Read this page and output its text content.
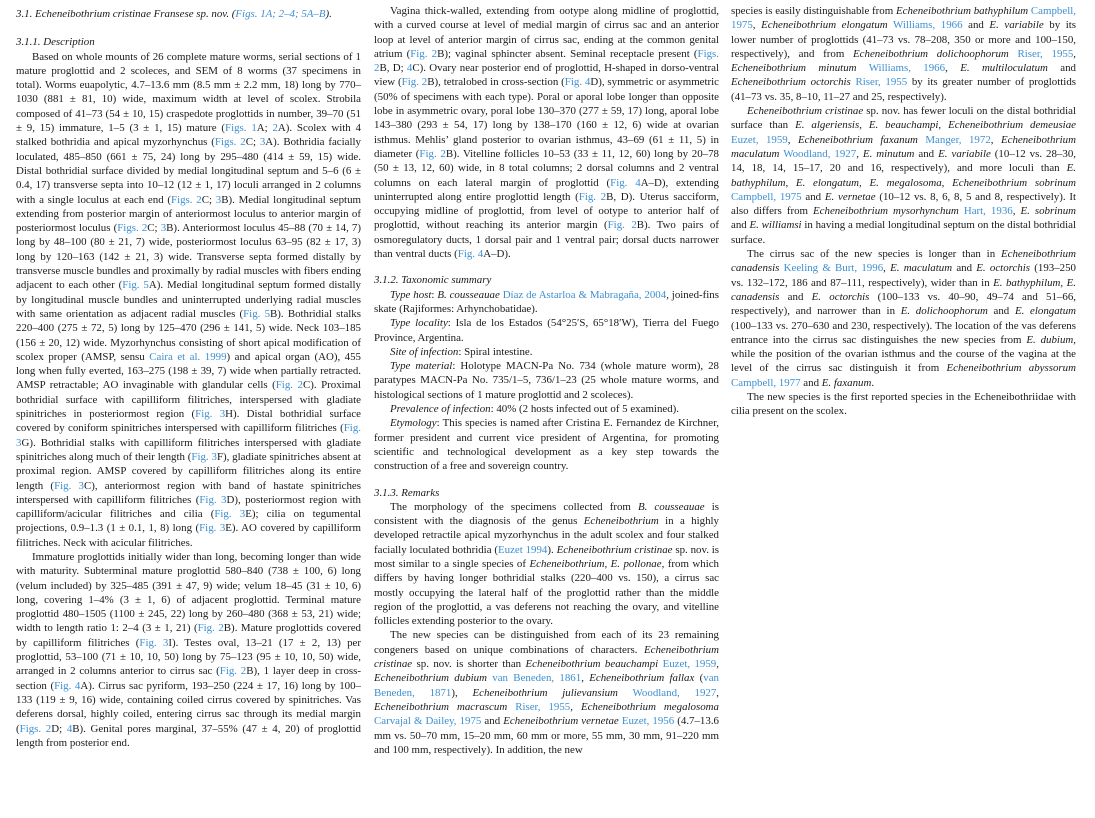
3.1. Echeneibothrium cristinae Fransese sp. nov. (Figs. 1A; 2–4; 5A–B).
3.1.1. Description
Based on whole mounts of 26 complete mature worms, serial sections of 1 mature proglottid and 2 scoleces, and SEM of 8 worms (37 specimens in total). Worms euapolytic, 4.7–13.6 mm (8.5 mm ± 2.2 mm, 18) long by 770–1030 (881 ± 81, 10) wide, maximum width at level of scolex. Strobila composed of 41–73 (54 ± 10, 15) craspedote proglottids in number, 39–70 (51 ± 9, 15) immature, 1–5 (3 ± 1, 15) mature (Figs. 1A; 2A). Scolex with 4 stalked bothridia and apical myzorhynchus (Figs. 2C; 3A). Bothridia facially loculated, 485–850 (661 ± 75, 24) long by 295–480 (414 ± 59, 15) wide. Distal bothridial surface divided by medial longitudinal septum and 5–6 (6 ± 0.4, 17) transverse septa into 10–12 (12 ± 1, 17) loculi arranged in 2 columns with a single loculus at each end (Figs. 2C; 3B). Medial longitudinal septum extending from posterior margin of anteriormost loculus to anterior margin of posteriormost loculus (Figs. 2C; 3B). Anteriormost loculus 45–88 (70 ± 14, 7) long by 48–100 (80 ± 21, 7) wide, posteriormost loculus 63–95 (82 ± 17, 3) long by 120–163 (142 ± 21, 3) wide. Transverse septa formed distally by transverse muscle bundles and proximally by radial muscles with fibers ending adjacent to each other (Fig. 5A). Medial longitudinal septum formed distally by longitudinal muscle bundles and uninterrupted underlying radial muscles with same orientation as adjacent radial muscles (Fig. 5B). Bothridial stalks 220–400 (275 ± 72, 5) long by 125–470 (296 ± 141, 5) wide. Neck 103–185 (156 ± 20, 12) wide. Myzorhynchus consisting of short apical modification of scolex proper (AMSP, sensu Caira et al. 1999) and apical organ (AO), 455 long when fully everted, 163–275 (198 ± 39, 7) wide when partially retracted. AMSP retractable; AO invaginable with glandular cells (Fig. 2C). Proximal bothridial surface with capilliform filitriches, interspersed with gladiate spinitriches in posteriormost region (Fig. 3H). Distal bothridial surface covered by coniform spinitriches interspersed with capilliform filitriches (Fig. 3G). Bothridial stalks with capilliform filitriches interspersed with gladiate spinitriches along much of their length (Fig. 3F), gladiate spinitriches absent at proximal region. AMSP covered by capilliform filitriches along its entire length (Fig. 3C), anteriormost region with band of hastate spinitriches interspersed with capilliform filitriches (Fig. 3D), posteriormost region with capilliform/acicular filitriches and cilia (Fig. 3E); cilia on tegumental projections, 0.9–1.3 (1 ± 0.1, 1, 8) long (Fig. 3E). AO covered by capilliform filitriches. Neck with acicular filitriches.
Immature proglottids initially wider than long, becoming longer than wide with maturity. Subterminal mature proglottid 580–840 (738 ± 100, 6) long (velum included) by 325–485 (391 ± 47, 9) wide; velum 18–45 (31 ± 10, 6) long, covering 1–4% (3 ± 1, 6) of adjacent proglottid. Terminal mature proglottid 480–1505 (1100 ± 245, 22) long by 260–480 (368 ± 53, 21) wide; width to length ratio 1: 2–4 (3 ± 1, 21) (Fig. 2B). Mature proglottids covered by capilliform filitriches (Fig. 3I). Testes oval, 13–21 (17 ± 2, 13) per proglottid, 53–100 (71 ± 10, 10, 50) long by 75–123 (95 ± 10, 10, 50) wide, arranged in 2 columns anterior to cirrus sac (Fig. 2B), 1 layer deep in cross-section (Fig. 4A). Cirrus sac pyriform, 193–250 (224 ± 17, 16) long by 100–133 (119 ± 9, 16) wide, containing coiled cirrus covered by spinitriches. Vas deferens dorsal, highly coiled, entering cirrus sac through its medial margin (Figs. 2D; 4B). Genital pores marginal, 37–55% (47 ± 4, 20) of proglottid length from posterior end.
Vagina thick-walled, extending from ootype along midline of proglottid, with a curved course at level of medial margin of cirrus sac and an anterior loop at level of anterior margin of cirrus sac, ending at the common genital atrium (Fig. 2B); vaginal sphincter absent. Seminal receptacle present (Figs. 2B, D; 4C). Ovary near posterior end of proglottid, H-shaped in dorso-ventral view (Fig. 2B), tetralobed in cross-section (Fig. 4D), symmetric or asymmetric (50% of specimens with each type). Poral or aporal lobe longer than opposite lobe in asymmetric ovary, poral lobe 130–370 (277 ± 59, 17) long, aporal lobe 143–380 (293 ± 54, 17) long by 138–170 (160 ± 12, 6) wide at ovarian isthmus. Mehlis’ gland posterior to ovarian isthmus, 43–69 (61 ± 11, 5) in diameter (Fig. 2B). Vitelline follicles 10–53 (33 ± 11, 12, 60) long by 20–78 (50 ± 13, 12, 60) wide, in 8 total columns; 2 dorsal columns and 2 ventral columns on each lateral margin of proglottid (Fig. 4A–D), extending uninterrupted along entire proglottid length (Fig. 2B, D). Uterus sacciform, occupying midline of proglottid, from level of ootype to anterior half of proglottid, without reaching its anterior margin (Fig. 2B). Two pairs of osmoregulatory ducts, 1 dorsal pair and 1 ventral pair; dorsal ducts narrower than ventral ducts (Fig. 4A–D).
3.1.2. Taxonomic summary
Type host: B. cousseauae Díaz de Astarloa & Mabragaña, 2004, joined-fins skate (Rajiformes: Arhynchobatidae).
Type locality: Isla de los Estados (54°25′S, 65°18′W), Tierra del Fuego Province, Argentina.
Site of infection: Spiral intestine.
Type material: Holotype MACN-Pa No. 734 (whole mature worm), 28 paratypes MACN-Pa No. 735/1–5, 736/1–23 (25 whole mature worms, and histological sections of 1 mature proglottid and 2 scoleces).
Prevalence of infection: 40% (2 hosts infected out of 5 examined).
Etymology: This species is named after Cristina E. Fernandez de Kirchner, former president and current vice president of Argentina, for promoting scientific and technological development as a key step towards the construction of a free and sovereign country.
3.1.3. Remarks
The morphology of the specimens collected from B. cousseauae is consistent with the diagnosis of the genus Echeneibothrium in a highly developed retractile apical myzorhynchus in the adult scolex and four stalked facially loculated bothridia (Euzet 1994). Echeneibothrium cristinae sp. nov. is most similar to a single species of Echeneibothrium, E. pollonae, from which differs by having longer bothridial stalks (220–400 vs. 150), a cirrus sac mostly occupying the lateral half of the proglottid rather than the middle region of the proglottid, a vas deferens not reaching the ovary, and vitelline follicles extending posterior to the ovary.
The new species can be distinguished from each of its 23 remaining congeners based on unique combinations of characters. Echeneibothrium cristinae sp. nov. is shorter than Echeneibothrium beauchampi Euzet, 1959, Echeneibothrium dubium van Beneden, 1861, Echeneibothrium fallax (van Beneden, 1871), Echeneibothrium julievansium Woodland, 1927, Echeneibothrium macrascum Riser, 1955, Echeneibothrium megalosoma Carvajal & Dailey, 1975 and Echeneibothrium vernetae Euzet, 1956 (4.7–13.6 mm vs. 50–70 mm, 15–20 mm, 60 mm or more, 55 mm, 30 mm, 91–220 mm and 100 mm, respectively). In addition, the new
species is easily distinguishable from Echeneibothrium bathyphilum Campbell, 1975, Echeneibothrium elongatum Williams, 1966 and E. variabile by its lower number of proglottids (41–73 vs. 78–208, 350 or more and 100–150, respectively), and from Echeneibothrium dolichoophorum Riser, 1955, Echeneibothrium minutum Williams, 1966, E. multiloculatum and Echeneibothrium octorchis Riser, 1955 by its greater number of proglottids (41–73 vs. 35, 8–10, 11–27 and 25, respectively).
Echeneibothrium cristinae sp. nov. has fewer loculi on the distal bothridial surface than E. algeriensis, E. beauchampi, Echeneibothrium demeusiae Euzet, 1959, Echeneibothrium faxanum Manger, 1972, Echeneibothrium maculatum Woodland, 1927, E. minutum and E. variabile (10–12 vs. 28–30, 14, 18, 14, 15–17, 20 and 16, respectively), and more loculi than E. bathyphilum, E. elongatum, E. megalosoma, Echeneibothrium sobrinum Campbell, 1975 and E. vernetae (10–12 vs. 8, 6, 8, 5 and 8, respectively). It also differs from Echeneibothrium mysorhynchum Hart, 1936, E. sobrinum and E. williamsi in having a medial longitudinal septum on the distal bothridial surface.
The cirrus sac of the new species is longer than in Echeneibothrium canadensis Keeling & Burt, 1996, E. maculatum and E. octorchis (193–250 vs. 132–172, 186 and 87–111, respectively), wider than in E. bathyphilum, E. canadensis and E. octorchis (100–133 vs. 40–90, 49–74 and 51–66, respectively), and narrower than in E. dolichoophorum and E. elongatum (100–133 vs. 270–630 and 230, respectively). The location of the vas deferens entrance into the cirrus sac distinguishes the new species from E. dubium, while the position of the ovarian isthmus and the course of the vagina at the level of the cirrus sac distinguish it from Echeneibothrium abyssorum Campbell, 1977 and E. faxanum.
The new species is the first reported species in the Echeneibothriidae with cilia present on the scolex.
